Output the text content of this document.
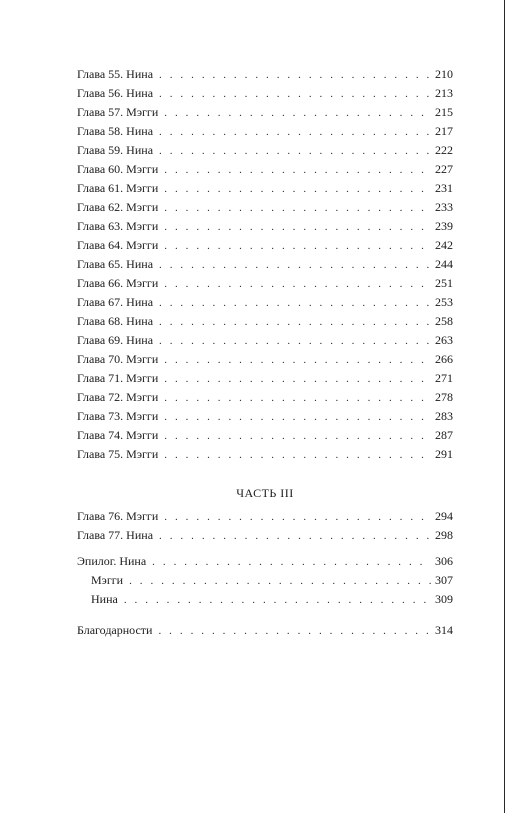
Глава 55. Нина . . .	210
Глава 56. Нина . . .	213
Глава 57. Мэгги . . .	215
Глава 58. Нина . . .	217
Глава 59. Нина . . .	222
Глава 60. Мэгги . . .	227
Глава 61. Мэгги . . .	231
Глава 62. Мэгги . . .	233
Глава 63. Мэгги . . .	239
Глава 64. Мэгги . . .	242
Глава 65. Нина . . .	244
Глава 66. Мэгги . . .	251
Глава 67. Нина . . .	253
Глава 68. Нина . . .	258
Глава 69. Нина . . .	263
Глава 70. Мэгги . . .	266
Глава 71. Мэгги . . .	271
Глава 72. Мэгги . . .	278
Глава 73. Мэгги . . .	283
Глава 74. Мэгги . . .	287
Глава 75. Мэгги . . .	291
ЧАСТЬ III
Глава 76. Мэгги . . .	294
Глава 77. Нина . . .	298
Эпилог. Нина . . .	306
Мэгги . . .	307
Нина . . .	309
Благодарности . . .	314
